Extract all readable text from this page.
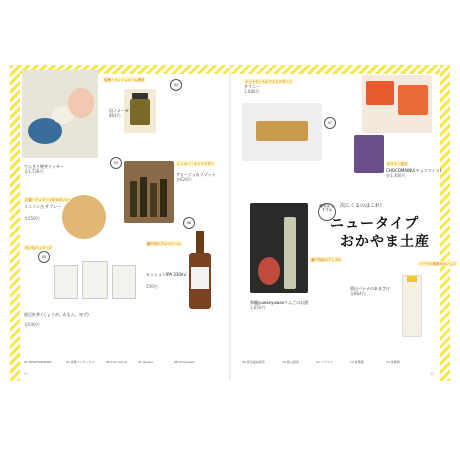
でんきと煙突クッキー
各1,728円
02
塩梅・マッシュルーム使用
岩ノメーゼ
864円
03	ミッキー・キャラクター
アヒージョ＆リゾット
各626円
吉備・パッケージがかわいい
ミニコン吉 サブレー
各250円
05
白い缶パッケージ
黒豆紅茶 (しょうが、れもん、ゆず)
各540円
06
瀬戸内のアロマビール
セッションIPA 330ml
550円
ヤマトサンドのアイスデザート
サラニー
1,080円
07
ギフト・狛犬
CHOCOMAINU(チョコマイヌ)
各1,300円
次にくるのはこれ!
編集部 おすすめ
ニュータイプ
おかやま土産
瀬戸内産のアップル
和醸yuwaeyuwaeりんごのお酒
1,650円
バナナの風味がおいしい
岡山バナナのあまざけ
各864円
03 DEKOTABATIRE	03 倉敷アフタークス	05 The Corner	07 akiabu	08 Chumnant	09 森田醤油酒造	10 岡山酒造	11 コウヤマ	12 倉敷製	13 倉敷屋
21	22
